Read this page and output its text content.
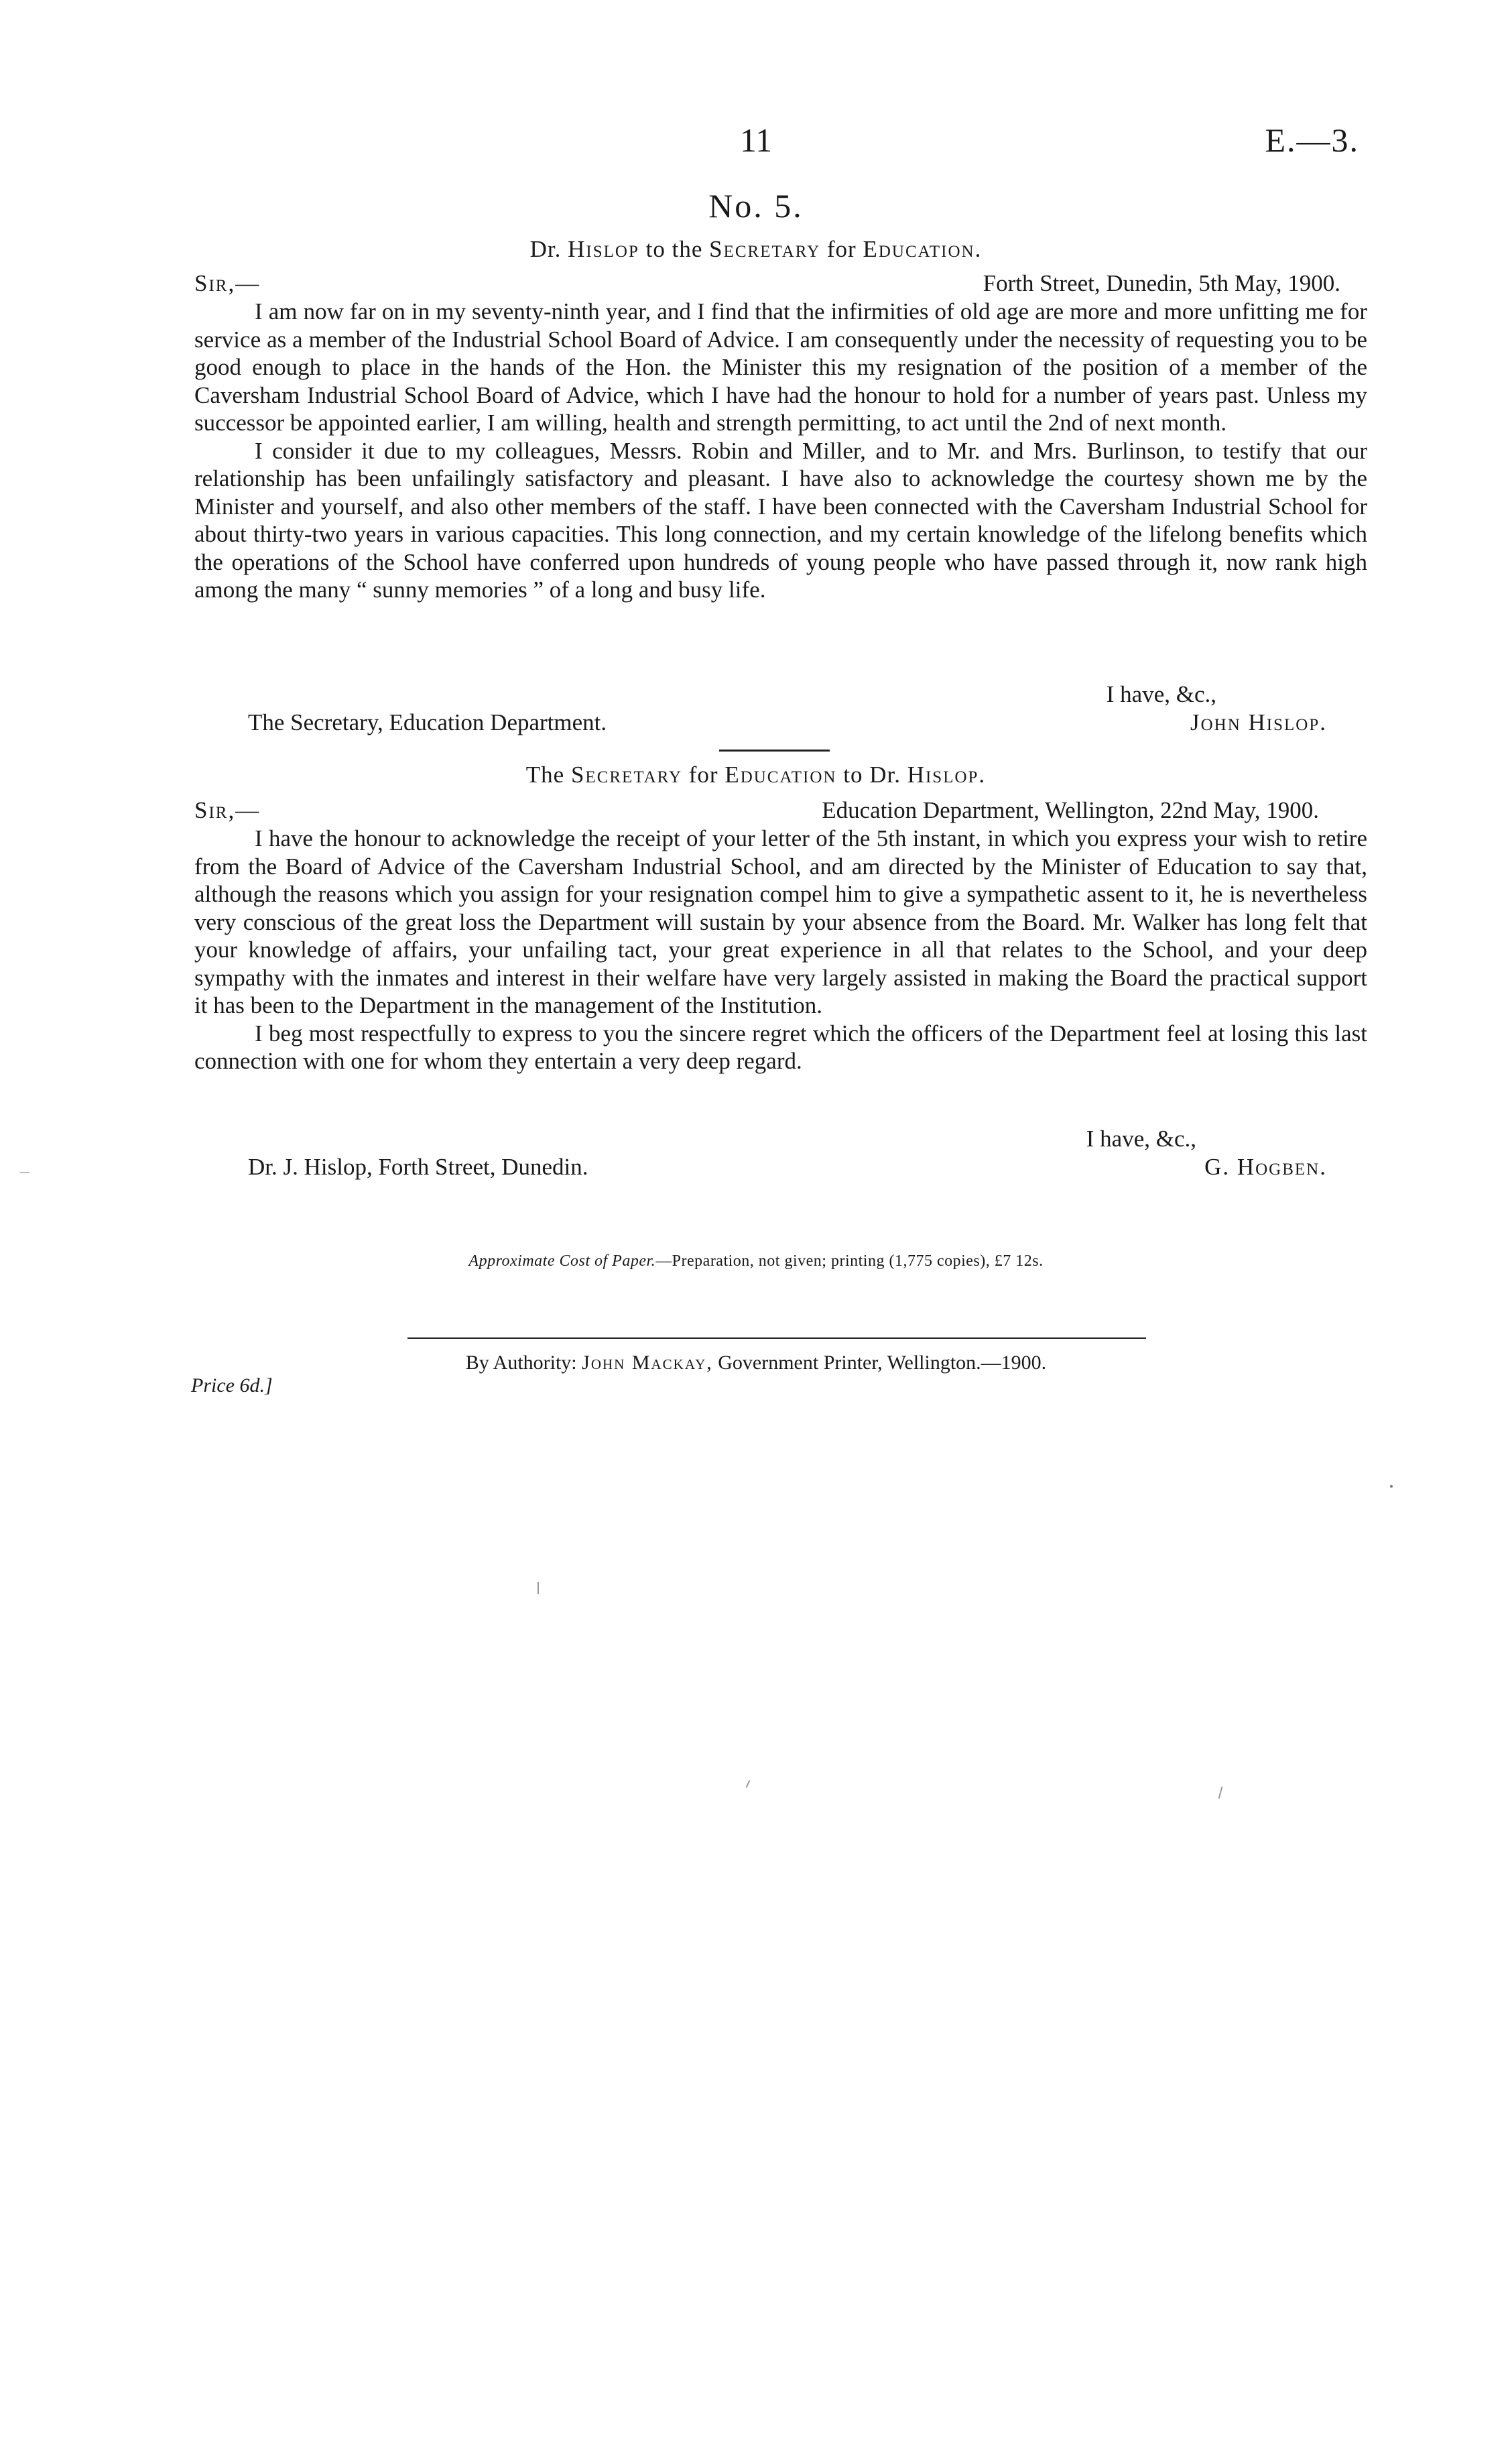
11	E.—3.
No. 5.
Dr. Hislop to the Secretary for Education.
Sir,—	Forth Street, Dunedin, 5th May, 1900.

I am now far on in my seventy-ninth year, and I find that the infirmities of old age are more and more unfitting me for service as a member of the Industrial School Board of Advice. I am consequently under the necessity of requesting you to be good enough to place in the hands of the Hon. the Minister this my resignation of the position of a member of the Caversham Industrial School Board of Advice, which I have had the honour to hold for a number of years past. Unless my successor be appointed earlier, I am willing, health and strength permitting, to act until the 2nd of next month.

I consider it due to my colleagues, Messrs. Robin and Miller, and to Mr. and Mrs. Burlinson, to testify that our relationship has been unfailingly satisfactory and pleasant. I have also to acknowledge the courtesy shown me by the Minister and yourself, and also other members of the staff. I have been connected with the Caversham Industrial School for about thirty-two years in various capacities. This long connection, and my certain knowledge of the lifelong benefits which the operations of the School have conferred upon hundreds of young people who have passed through it, now rank high among the many “ sunny memories ” of a long and busy life.

I have, &c.,
The Secretary, Education Department.	John Hislop.
The Secretary for Education to Dr. Hislop.
Sir,—	Education Department, Wellington, 22nd May, 1900.

I have the honour to acknowledge the receipt of your letter of the 5th instant, in which you express your wish to retire from the Board of Advice of the Caversham Industrial School, and am directed by the Minister of Education to say that, although the reasons which you assign for your resignation compel him to give a sympathetic assent to it, he is nevertheless very conscious of the great loss the Department will sustain by your absence from the Board. Mr. Walker has long felt that your knowledge of affairs, your unfailing tact, your great experience in all that relates to the School, and your deep sympathy with the inmates and interest in their welfare have very largely assisted in making the Board the practical support it has been to the Department in the management of the Institution.

I beg most respectfully to express to you the sincere regret which the officers of the Department feel at losing this last connection with one for whom they entertain a very deep regard.

I have, &c.,
Dr. J. Hislop, Forth Street, Dunedin.	G. Hogben.
Approximate Cost of Paper.—Preparation, not given; printing (1,775 copies), £7 12s.
By Authority: John Mackay, Government Printer, Wellington.—1900.
Price 6d.]
